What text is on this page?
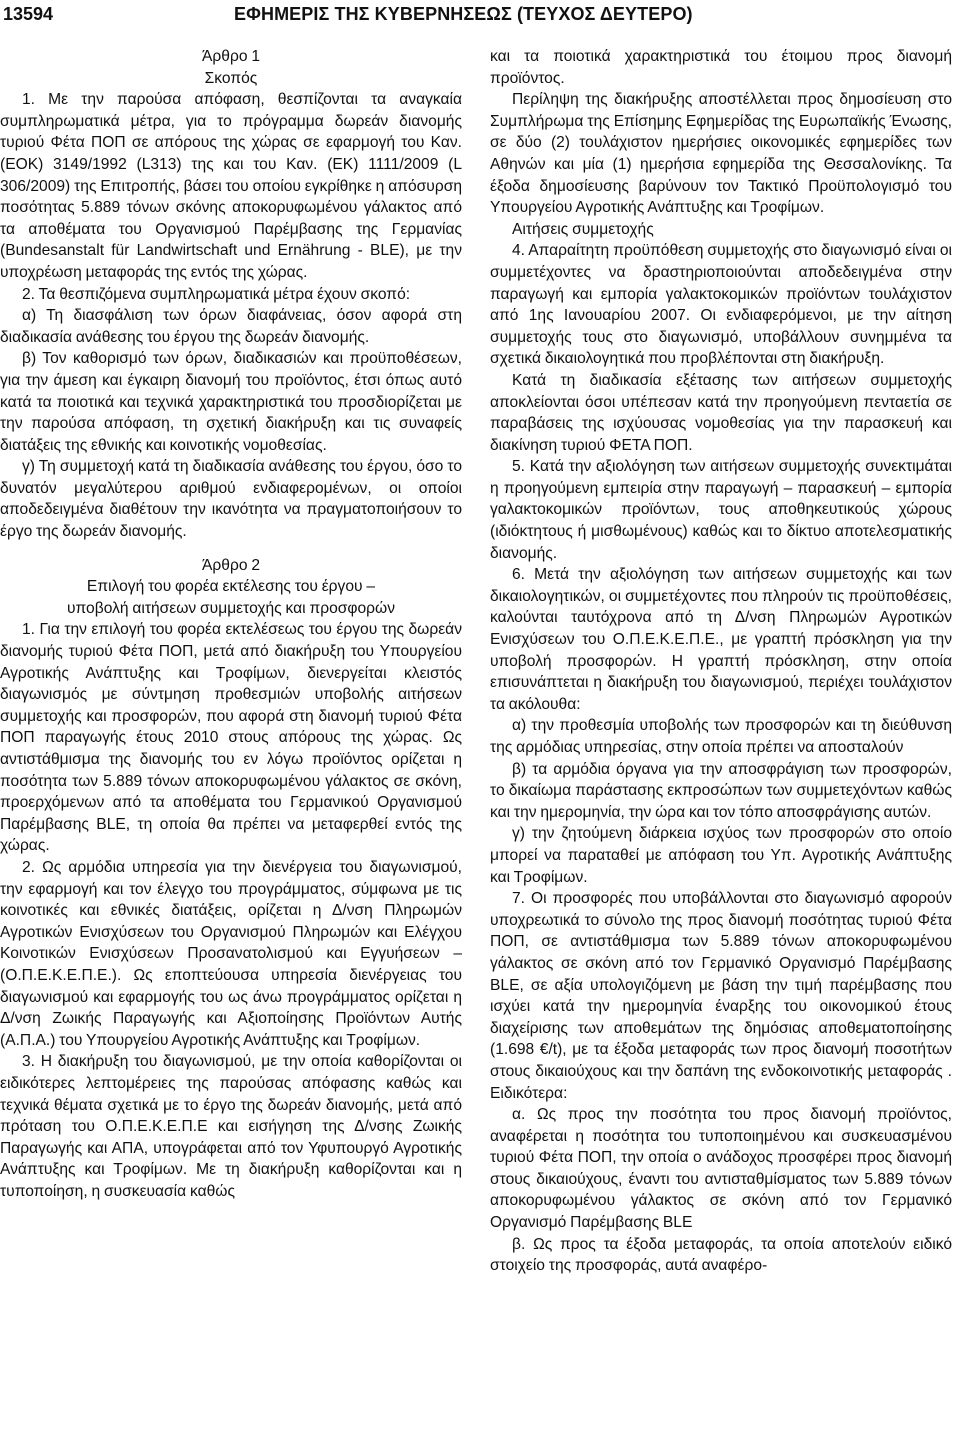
13594	ΕΦΗΜΕΡΙΣ ΤΗΣ ΚΥΒΕΡΝΗΣΕΩΣ (ΤΕΥΧΟΣ ΔΕΥΤΕΡΟ)

Άρθρο 1

Σκοπός

1. Με την παρούσα απόφαση, θεσπίζονται τα αναγκαία συμπληρωματικά μέτρα, για το πρόγραμμα δωρεάν διανομής τυριού Φέτα ΠΟΠ σε απόρους της χώρας σε εφαρμογή του Καν. (ΕΟΚ) 3149/1992 (L313) της και του Καν. (ΕΚ) 1111/2009 (L 306/2009) της Επιτροπής, βάσει του οποίου εγκρίθηκε η απόσυρση ποσότητας 5.889 τόνων σκόνης αποκορυφωμένου γάλακτος από τα αποθέματα του Οργανισμού Παρέμβασης της Γερμανίας (Bundesanstalt für Landwirtschaft und Ernährung - BLE), με την υποχρέωση μεταφοράς της εντός της χώρας.

2. Τα θεσπιζόμενα συμπληρωματικά μέτρα έχουν σκοπό:

α) Τη διασφάλιση των όρων διαφάνειας, όσον αφορά στη διαδικασία ανάθεσης του έργου της δωρεάν διανομής.

β) Τον καθορισμό των όρων, διαδικασιών και προϋποθέσεων, για την άμεση και έγκαιρη διανομή του προϊόντος, έτσι όπως αυτό κατά τα ποιοτικά και τεχνικά χαρακτηριστικά του προσδιορίζεται με την παρούσα απόφαση, τη σχετική διακήρυξη και τις συναφείς διατάξεις της εθνικής και κοινοτικής νομοθεσίας.

γ) Τη συμμετοχή κατά τη διαδικασία ανάθεσης του έργου, όσο το δυνατόν μεγαλύτερου αριθμού ενδιαφερομένων, οι οποίοι αποδεδειγμένα διαθέτουν την ικανότητα να πραγματοποιήσουν το έργο της δωρεάν διανομής.

Άρθρο 2

Επιλογή του φορέα εκτέλεσης του έργου –

υποβολή αιτήσεων συμμετοχής και προσφορών

1. Για την επιλογή του φορέα εκτελέσεως του έργου της δωρεάν διανομής τυριού Φέτα ΠΟΠ, μετά από διακήρυξη του Υπουργείου Αγροτικής Ανάπτυξης και Τροφίμων, διενεργείται κλειστός διαγωνισμός με σύντμηση προθεσμιών υποβολής αιτήσεων συμμετοχής και προσφορών, που αφορά στη διανομή τυριού Φέτα ΠΟΠ παραγωγής έτους 2010 στους απόρους της χώρας. Ως αντιστάθμισμα της διανομής του εν λόγω προϊόντος ορίζεται η ποσότητα των 5.889 τόνων αποκορυφωμένου γάλακτος σε σκόνη, προερχόμενων από τα αποθέματα του Γερμανικού Οργανισμού Παρέμβασης BLE, τη οποία θα πρέπει να μεταφερθεί εντός της χώρας.

2. Ως αρμόδια υπηρεσία για την διενέργεια του διαγωνισμού, την εφαρμογή και τον έλεγχο του προγράμματος, σύμφωνα με τις κοινοτικές και εθνικές διατάξεις, ορίζεται η Δ/νση Πληρωμών Αγροτικών Ενισχύσεων του Οργανισμού Πληρωμών και Ελέγχου Κοινοτικών Ενισχύσεων Προσανατολισμού και Εγγυήσεων – (Ο.Π.Ε.Κ.Ε.Π.Ε.). Ως εποπτεύουσα υπηρεσία διενέργειας του διαγωνισμού και εφαρμογής του ως άνω προγράμματος ορίζεται η Δ/νση Ζωικής Παραγωγής και Αξιοποίησης Προϊόντων Αυτής (Α.Π.Α.) του Υπουργείου Αγροτικής Ανάπτυξης και Τροφίμων.

3. Η διακήρυξη του διαγωνισμού, με την οποία καθορίζονται οι ειδικότερες λεπτομέρειες της παρούσας απόφασης καθώς και τεχνικά θέματα σχετικά με το έργο της δωρεάν διανομής, μετά από πρόταση του Ο.Π.Ε.Κ.Ε.Π.Ε και εισήγηση της Δ/νσης Ζωικής Παραγωγής και ΑΠΑ, υπογράφεται από τον Υφυπουργό Αγροτικής Ανάπτυξης και Τροφίμων. Με τη διακήρυξη καθορίζονται και η τυποποίηση, η συσκευασία καθώς

και τα ποιοτικά χαρακτηριστικά του έτοιμου προς διανομή προϊόντος.

Περίληψη της διακήρυξης αποστέλλεται προς δημοσίευση στο Συμπλήρωμα της Επίσημης Εφημερίδας της Ευρωπαϊκής Ένωσης, σε δύο (2) τουλάχιστον ημερήσιες οικονομικές εφημερίδες των Αθηνών και μία (1) ημερήσια εφημερίδα της Θεσσαλονίκης. Τα έξοδα δημοσίευσης βαρύνουν τον Τακτικό Προϋπολογισμό του Υπουργείου Αγροτικής Ανάπτυξης και Τροφίμων.

Αιτήσεις συμμετοχής

4. Απαραίτητη προϋπόθεση συμμετοχής στο διαγωνισμό είναι οι συμμετέχοντες να δραστηριοποιούνται αποδεδειγμένα στην παραγωγή και εμπορία γαλακτοκομικών προϊόντων τουλάχιστον από 1ης Ιανουαρίου 2007. Οι ενδιαφερόμενοι, με την αίτηση συμμετοχής τους στο διαγωνισμό, υποβάλλουν συνημμένα τα σχετικά δικαιολογητικά που προβλέπονται στη διακήρυξη.

Κατά τη διαδικασία εξέτασης των αιτήσεων συμμετοχής αποκλείονται όσοι υπέπεσαν κατά την προηγούμενη πενταετία σε παραβάσεις της ισχύουσας νομοθεσίας για την παρασκευή και διακίνηση τυριού ΦΕΤΑ ΠΟΠ.

5. Κατά την αξιολόγηση των αιτήσεων συμμετοχής συνεκτιμάται η προηγούμενη εμπειρία στην παραγωγή – παρασκευή – εμπορία γαλακτοκομικών προϊόντων, τους αποθηκευτικούς χώρους (ιδιόκτητους ή μισθωμένους) καθώς και το δίκτυο αποτελεσματικής διανομής.

6. Μετά την αξιολόγηση των αιτήσεων συμμετοχής και των δικαιολογητικών, οι συμμετέχοντες που πληρούν τις προϋποθέσεις, καλούνται ταυτόχρονα από τη Δ/νση Πληρωμών Αγροτικών Ενισχύσεων του Ο.Π.Ε.Κ.Ε.Π.Ε., με γραπτή πρόσκληση για την υποβολή προσφορών. Η γραπτή πρόσκληση, στην οποία επισυνάπτεται η διακήρυξη του διαγωνισμού, περιέχει τουλάχιστον τα ακόλουθα:

α) την προθεσμία υποβολής των προσφορών και τη διεύθυνση της αρμόδιας υπηρεσίας, στην οποία πρέπει να αποσταλούν

β) τα αρμόδια όργανα για την αποσφράγιση των προσφορών, το δικαίωμα παράστασης εκπροσώπων των συμμετεχόντων καθώς και την ημερομηνία, την ώρα και τον τόπο αποσφράγισης αυτών.

γ) την ζητούμενη διάρκεια ισχύος των προσφορών στο οποίο μπορεί να παραταθεί με απόφαση του Υπ. Αγροτικής Ανάπτυξης και Τροφίμων.

7. Οι προσφορές που υποβάλλονται στο διαγωνισμό αφορούν υποχρεωτικά το σύνολο της προς διανομή ποσότητας τυριού Φέτα ΠΟΠ, σε αντιστάθμισμα των 5.889 τόνων αποκορυφωμένου γάλακτος σε σκόνη από τον Γερμανικό Οργανισμό Παρέμβασης BLE, σε αξία υπολογιζόμενη με βάση την τιμή παρέμβασης που ισχύει κατά την ημερομηνία έναρξης του οικονομικού έτους διαχείρισης των αποθεμάτων της δημόσιας αποθεματοποίησης (1.698 €/t), με τα έξοδα μεταφοράς των προς διανομή ποσοτήτων στους δικαιούχους και την δαπάνη της ενδοκοινοτικής μεταφοράς . Ειδικότερα:

α. Ως προς την ποσότητα του προς διανομή προϊόντος, αναφέρεται η ποσότητα του τυποποιημένου και συσκευασμένου τυριού Φέτα ΠΟΠ, την οποία ο ανάδοχος προσφέρει προς διανομή στους δικαιούχους, έναντι του αντισταθμίσματος των 5.889 τόνων αποκορυφωμένου γάλακτος σε σκόνη από τον Γερμανικό Οργανισμό Παρέμβασης BLE

β. Ως προς τα έξοδα μεταφοράς, τα οποία αποτελούν ειδικό στοιχείο της προσφοράς, αυτά αναφέρο-
